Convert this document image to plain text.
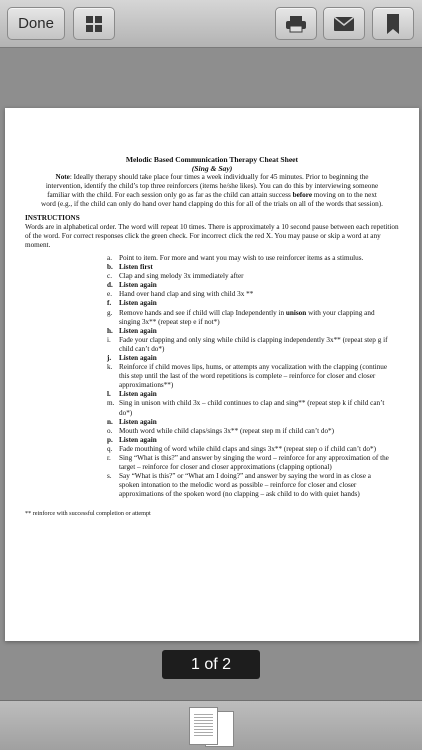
Done
Melodic Based Communication Therapy Cheat Sheet
(Sing & Say)
Note: Ideally therapy should take place four times a week individually for 45 minutes. Prior to beginning the intervention, identify the child’s top three reinforcers (items he/she likes). You can do this by interviewing someone familiar with the child. For each session only go as far as the child can attain success before moving on to the next word (e.g., if the child can only do hand over hand clapping do this for all of the trials on all of the words that session).
INSTRUCTIONS
Words are in alphabetical order. The word will repeat 10 times. There is approximately a 10 second pause between each repetition of the word. For correct responses click the green check. For incorrect click the red X. You may pause or skip a word at any moment.
a. Point to item. For more and want you may wish to use reinforcer items as a stimulus.
b. Listen first
c. Clap and sing melody 3x immediately after
d. Listen again
e. Hand over hand clap and sing with child 3x **
f.	Listen again
g. Remove hands and see if child will clap Independently in unison with your clapping and singing 3x** (repeat step e if not*)
h. Listen again
i.	Fade your clapping and only sing while child is clapping independently 3x** (repeat step g if child can’t do*)
j.	Listen again
k. Reinforce if child moves lips, hums, or attempts any vocalization with the clapping (continue this step until the last of the word repetitions is complete – reinforce for closer and closer approximations**)
l.	Listen again
m. Sing in unison with child 3x – child continues to clap and sing** (repeat step k if child can’t do*)
n. Listen again
o. Mouth word while child claps/sings 3x** (repeat step m if child can’t do*)
p. Listen again
q. Fade mouthing of word while child claps and sings 3x** (repeat step o if child can’t do*)
r.	Sing “What is this?” and answer by singing the word – reinforce for any approximation of the target – reinforce for closer and closer approximations (clapping optional)
s.	Say “What is this?” or “What am I doing?” and answer by saying the word in as close a spoken intonation to the melodic word as possible – reinforce for closer and closer approximations of the spoken word (no clapping – ask child to do with quiet hands)
** reinforce with successful completion or attempt
1 of 2
